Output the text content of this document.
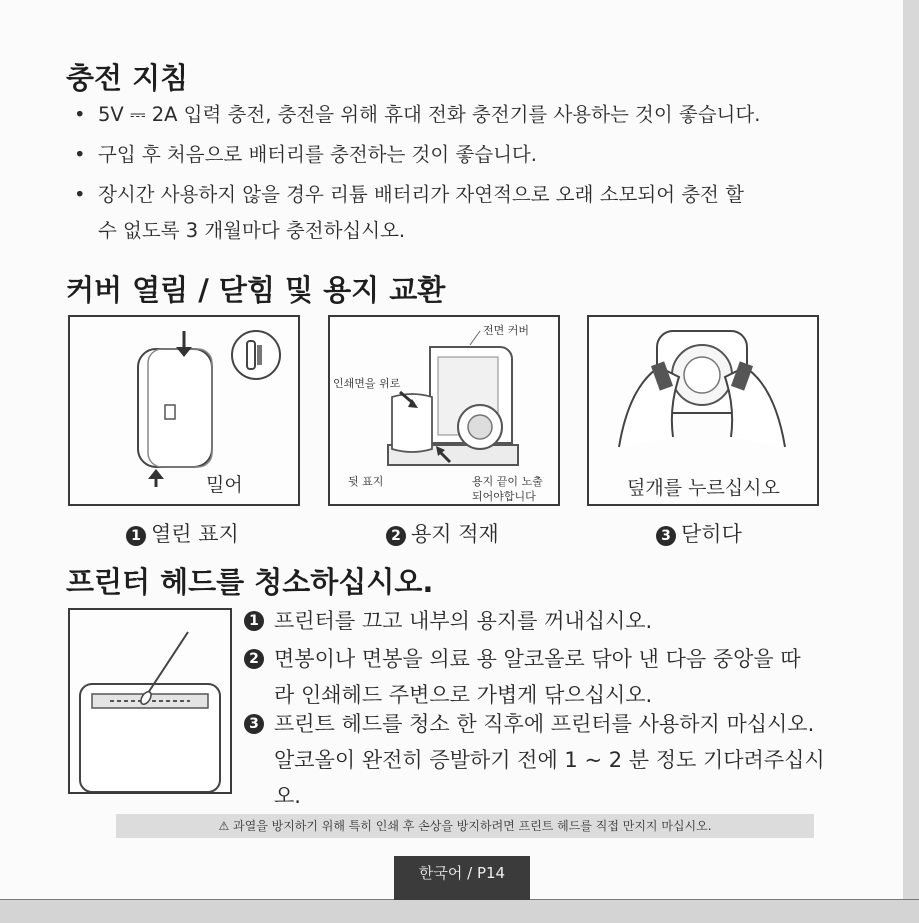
충전 지침
• 5V ⎓ 2A 입력 충전, 충전을 위해 휴대 전화 충전기를 사용하는 것이 좋습니다.
• 구입 후 처음으로 배터리를 충전하는 것이 좋습니다.
• 장시간 사용하지 않을 경우 리튬 배터리가 자연적으로 오래 소모되어 충전 할
수 없도록 3 개월마다 충전하십시오.
커버 열림 / 닫힘 및 용지 교환
밀어
전면 커버
인쇄면을 위로
뒷 표지	용지 끝이 노출
되어야합니다	덮개를 누르십시오
1 열린 표지	2 용지 적재	3 닫히다
프린터 헤드를 청소하십시오.
1 프린터를 끄고 내부의 용지를 꺼내십시오.
2 면봉이나 면봉을 의료 용 알코올로 닦아 낸 다음 중앙을 따
라 인쇄헤드 주변으로 가볍게 닦으십시오.
3 프린트 헤드를 청소 한 직후에 프린터를 사용하지 마십시오.
알코올이 완전히 증발하기 전에 1 ~ 2 분 정도 기다려주십시
오.
⚠ 과열을 방지하기 위해 특히 인쇄 후 손상을 방지하려면 프린트 헤드를 직접 만지지 마십시오.
한국어 / P14
